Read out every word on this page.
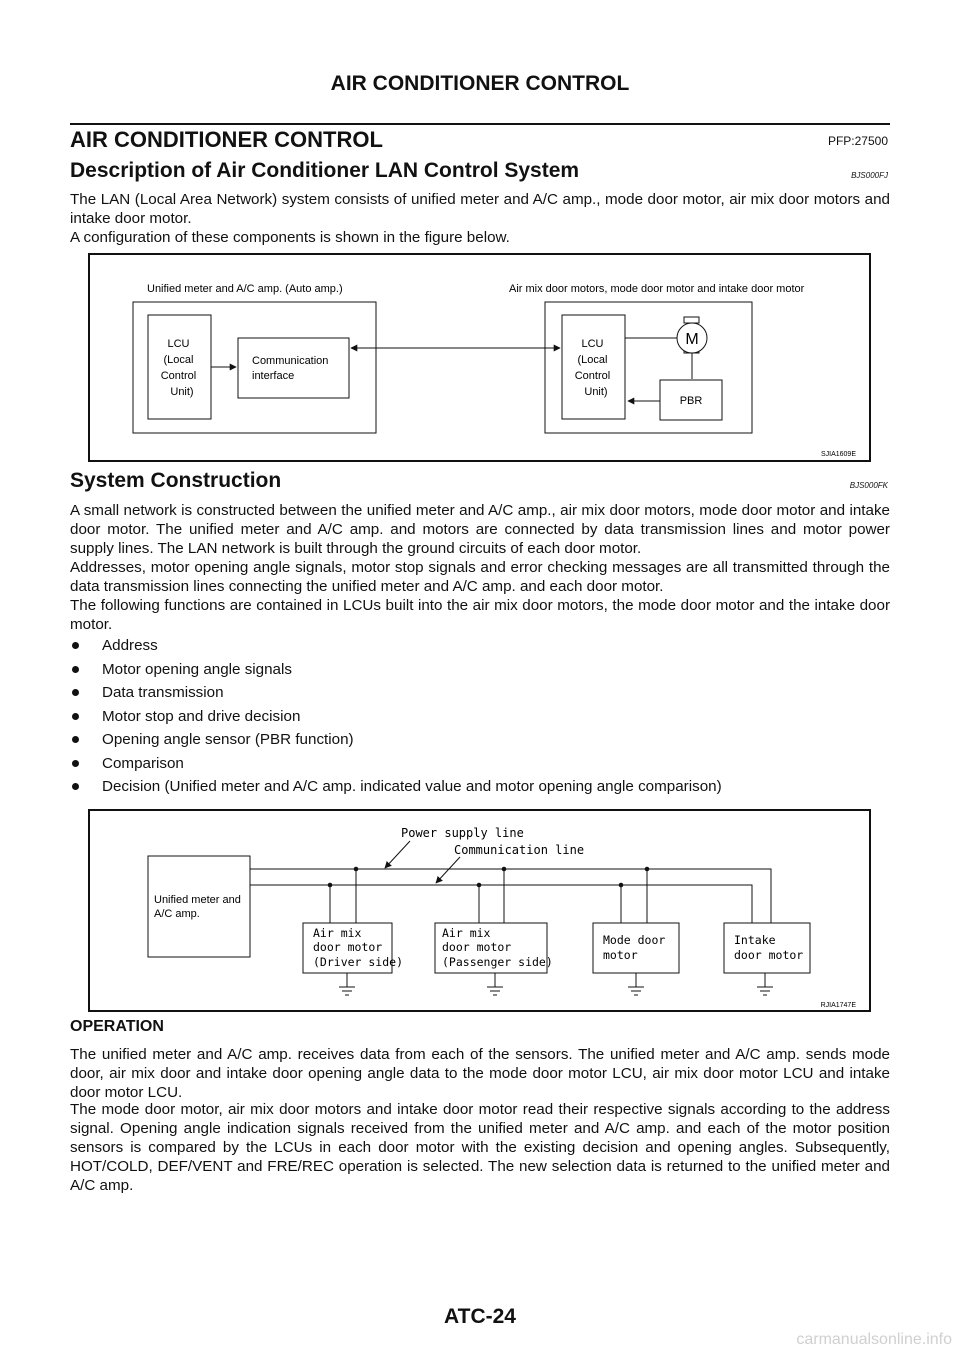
AIR CONDITIONER CONTROL
AIR CONDITIONER CONTROL	PFP:27500
Description of Air Conditioner LAN Control System	BJS000FJ

The LAN (Local Area Network) system consists of unified meter and A/C amp., mode door motor, air mix door motors and intake door motor.

A configuration of these components is shown in the figure below.

Unified meter and A/C amp. (Auto amp.)	Air mix door motors, mode door motor and intake door motor
LCU (Local Control Unit)
Communication interface
LCU (Local Control Unit)
M
PBR
SJIA1609E
System Construction	BJS000FK

A small network is constructed between the unified meter and A/C amp., air mix door motors, mode door motor and intake door motor. The unified meter and A/C amp. and motors are connected by data transmission lines and motor power supply lines. The LAN network is built through the ground circuits of each door motor.

Addresses, motor opening angle signals, motor stop signals and error checking messages are all transmitted through the data transmission lines connecting the unified meter and A/C amp. and each door motor.

The following functions are contained in LCUs built into the air mix door motors, the mode door motor and the intake door motor.

Address
Motor opening angle signals
Data transmission
Motor stop and drive decision
Opening angle sensor (PBR function)
Comparison
Decision (Unified meter and A/C amp. indicated value and motor opening angle comparison)
Power supply line
Communication line
Unified meter and A/C amp.
Air mix door motor (Driver side)
Air mix door motor (Passenger side)
Mode door motor
Intake door motor
RJIA1747E
OPERATION

The unified meter and A/C amp. receives data from each of the sensors. The unified meter and A/C amp. sends mode door, air mix door and intake door opening angle data to the mode door motor LCU, air mix door motor LCU and intake door motor LCU.

The mode door motor, air mix door motors and intake door motor read their respective signals according to the address signal. Opening angle indication signals received from the unified meter and A/C amp. and each of the motor position sensors is compared by the LCUs in each door motor with the existing decision and opening angles. Subsequently, HOT/COLD, DEF/VENT and FRE/REC operation is selected. The new selection data is returned to the unified meter and A/C amp.

ATC-24
carmanualsonline.info
